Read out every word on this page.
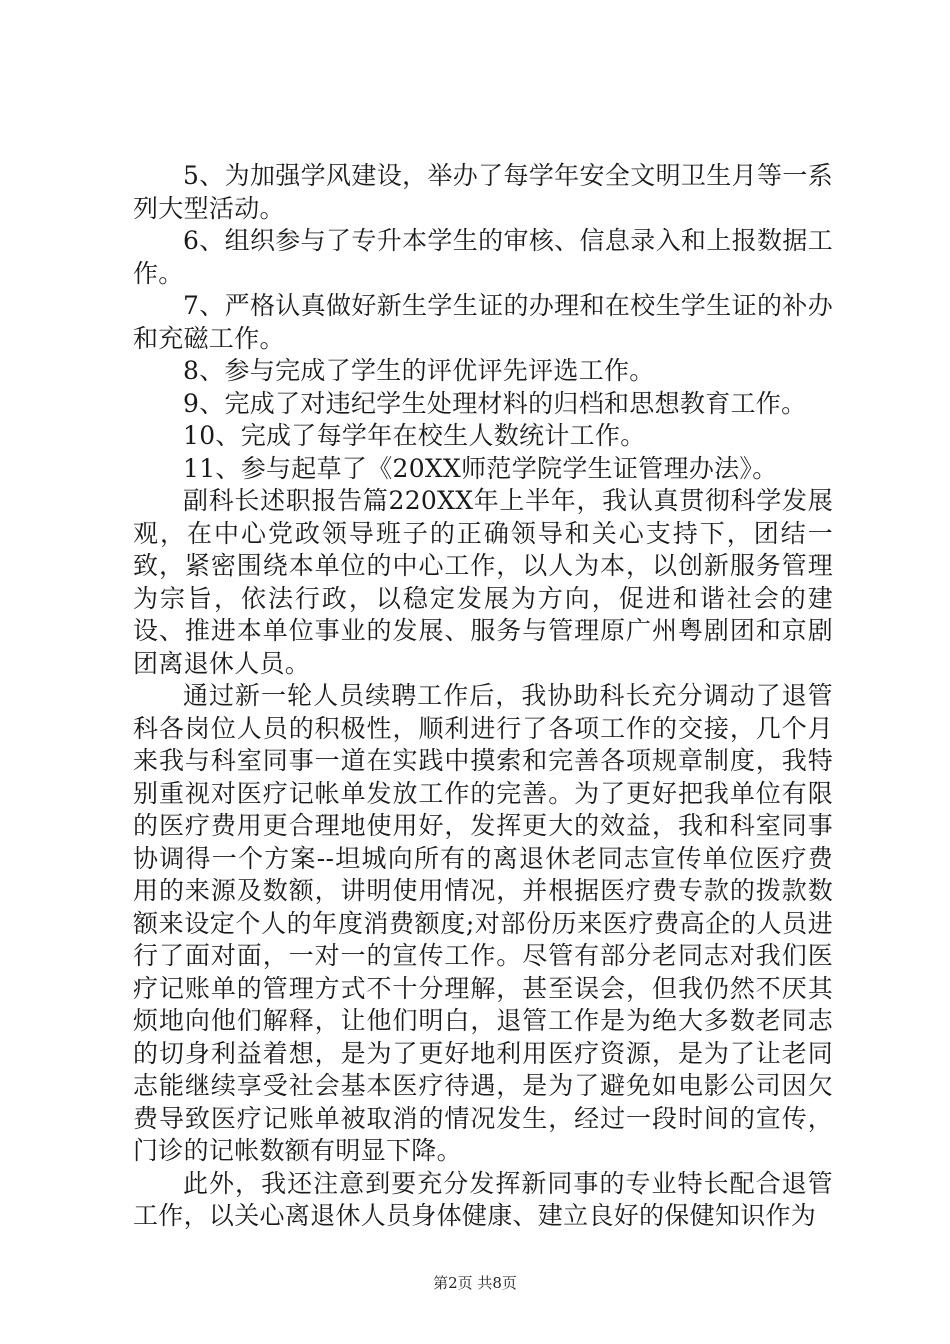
5、为加强学风建设，举办了每学年安全文明卫生月等一系列大型活动。

6、组织参与了专升本学生的审核、信息录入和上报数据工作。

7、严格认真做好新生学生证的办理和在校生学生证的补办和充磁工作。

8、参与完成了学生的评优评先评选工作。

9、完成了对违纪学生处理材料的归档和思想教育工作。

10、完成了每学年在校生人数统计工作。

11、参与起草了《20XX师范学院学生证管理办法》。

副科长述职报告篇220XX年上半年，我认真贯彻科学发展观，在中心党政领导班子的正确领导和关心支持下，团结一致，紧密围绕本单位的中心工作，以人为本，以创新服务管理为宗旨，依法行政，以稳定发展为方向，促进和谐社会的建设、推进本单位事业的发展、服务与管理原广州粤剧团和京剧团离退休人员。

通过新一轮人员续聘工作后，我协助科长充分调动了退管科各岗位人员的积极性，顺利进行了各项工作的交接，几个月来我与科室同事一道在实践中摸索和完善各项规章制度，我特别重视对医疗记帐单发放工作的完善。为了更好把我单位有限的医疗费用更合理地使用好，发挥更大的效益，我和科室同事协调得一个方案--坦城向所有的离退休老同志宣传单位医疗费用的来源及数额，讲明使用情况，并根据医疗费专款的拨款数额来设定个人的年度消费额度;对部份历来医疗费高企的人员进行了面对面，一对一的宣传工作。尽管有部分老同志对我们医疗记账单的管理方式不十分理解，甚至误会，但我仍然不厌其烦地向他们解释，让他们明白，退管工作是为绝大多数老同志的切身利益着想，是为了更好地利用医疗资源，是为了让老同志能继续享受社会基本医疗待遇，是为了避免如电影公司因欠费导致医疗记账单被取消的情况发生，经过一段时间的宣传，门诊的记帐数额有明显下降。

此外，我还注意到要充分发挥新同事的专业特长配合退管工作，以关心离退休人员身体健康、建立良好的保健知识作为

第2页 共8页
